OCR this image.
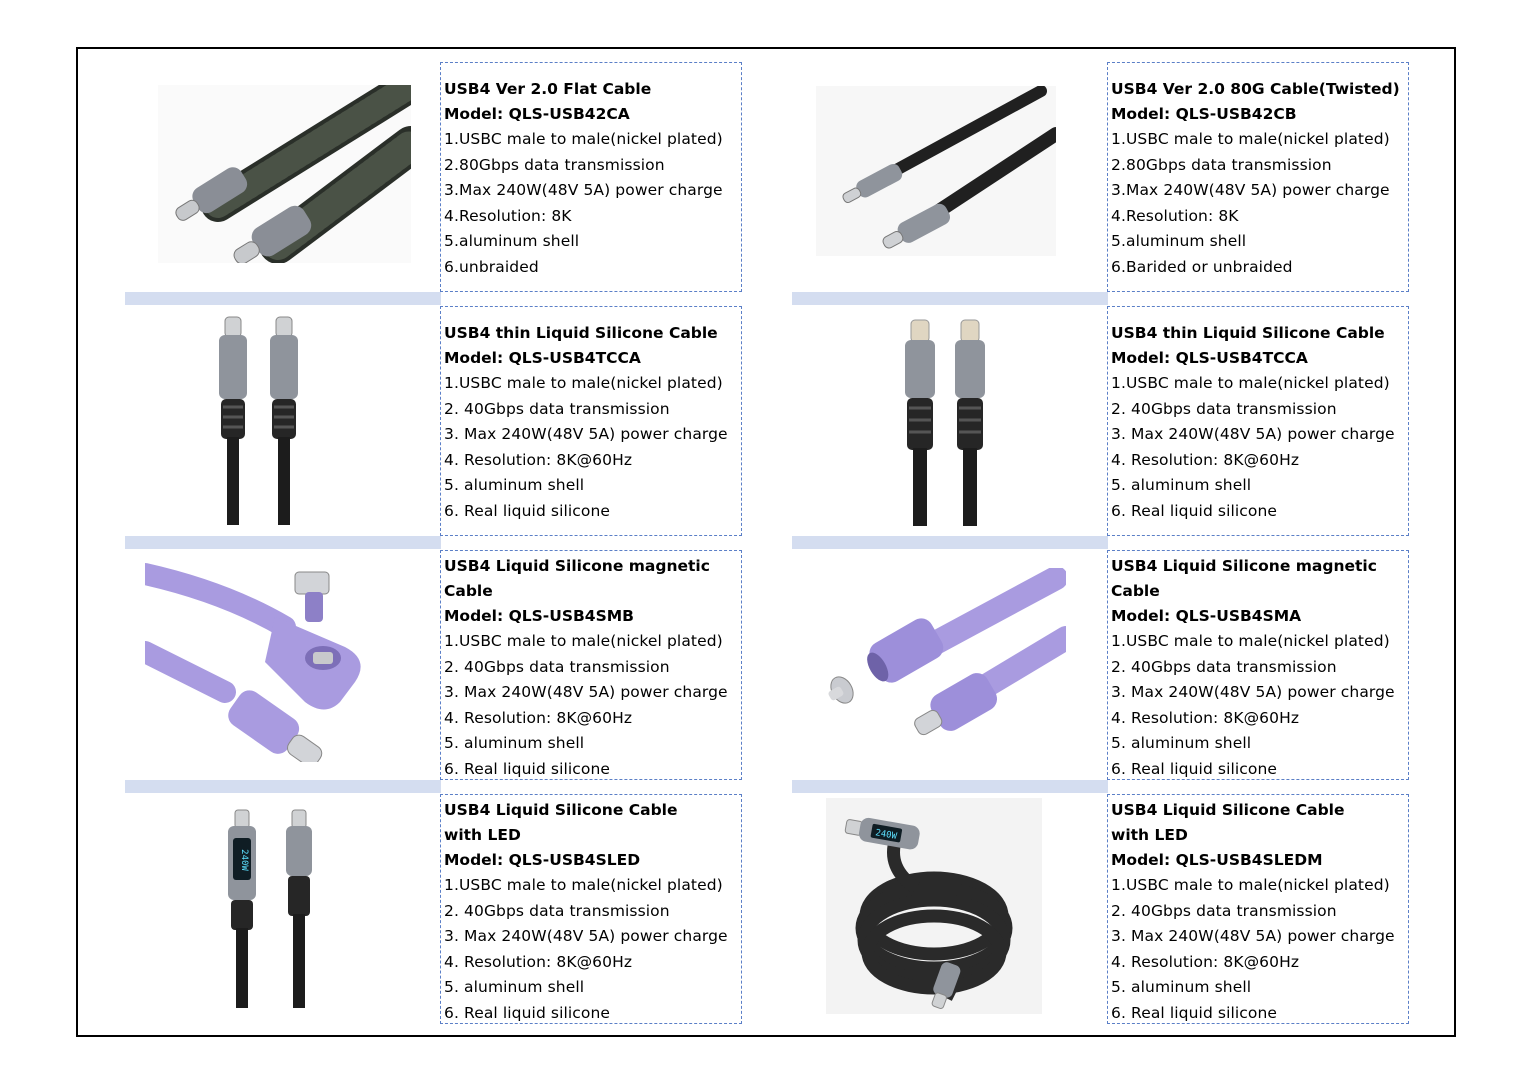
USB4 Ver 2.0 Flat Cable
Model: QLS-USB42CA
1.USBC male to male(nickel plated)
2.80Gbps data transmission
3.Max 240W(48V 5A) power charge
4.Resolution: 8K
5.aluminum shell
6.unbraided
USB4 Ver 2.0 80G Cable(Twisted)
Model: QLS-USB42CB
1.USBC male to male(nickel plated)
2.80Gbps data transmission
3.Max 240W(48V 5A) power charge
4.Resolution: 8K
5.aluminum shell
6.Barided or unbraided
USB4 thin Liquid Silicone Cable
Model: QLS-USB4TCCA
1.USBC male to male(nickel plated)
2. 40Gbps data transmission
3. Max 240W(48V 5A) power charge
4. Resolution: 8K@60Hz
5. aluminum shell
6. Real liquid silicone
USB4 thin Liquid Silicone Cable
Model: QLS-USB4TCCA
1.USBC male to male(nickel plated)
2. 40Gbps data transmission
3. Max 240W(48V 5A) power charge
4. Resolution: 8K@60Hz
5. aluminum shell
6. Real liquid silicone
USB4 Liquid Silicone magnetic Cable
Model: QLS-USB4SMB
1.USBC male to male(nickel plated)
2. 40Gbps data transmission
3. Max 240W(48V 5A) power charge
4. Resolution: 8K@60Hz
5. aluminum shell
6. Real liquid silicone
USB4 Liquid Silicone magnetic Cable
Model: QLS-USB4SMA
1.USBC male to male(nickel plated)
2. 40Gbps data transmission
3. Max 240W(48V 5A) power charge
4. Resolution: 8K@60Hz
5. aluminum shell
6. Real liquid silicone
240W
USB4 Liquid Silicone Cable with LED
Model: QLS-USB4SLED
1.USBC male to male(nickel plated)
2. 40Gbps data transmission
3. Max 240W(48V 5A) power charge
4. Resolution: 8K@60Hz
5. aluminum shell
6. Real liquid silicone
240W
USB4 Liquid Silicone Cable with LED
Model: QLS-USB4SLEDM
1.USBC male to male(nickel plated)
2. 40Gbps data transmission
3. Max 240W(48V 5A) power charge
4. Resolution: 8K@60Hz
5. aluminum shell
6. Real liquid silicone
